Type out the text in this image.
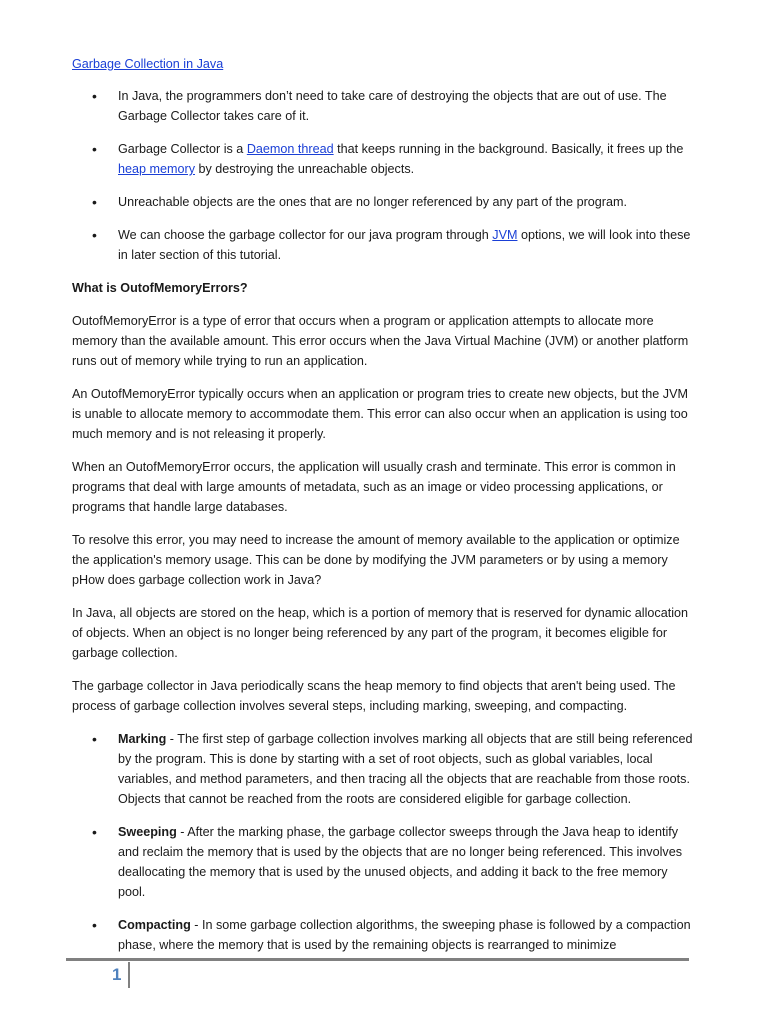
Garbage Collection in Java
• In Java, the programmers don’t need to take care of destroying the objects that are out of use. The Garbage Collector takes care of it.
• Garbage Collector is a Daemon thread that keeps running in the background. Basically, it frees up the heap memory by destroying the unreachable objects.
• Unreachable objects are the ones that are no longer referenced by any part of the program.
• We can choose the garbage collector for our java program through JVM options, we will look into these in later section of this tutorial.
What is OutofMemoryErrors?

OutofMemoryError is a type of error that occurs when a program or application attempts to allocate more memory than the available amount. This error occurs when the Java Virtual Machine (JVM) or another platform runs out of memory while trying to run an application.

An OutofMemoryError typically occurs when an application or program tries to create new objects, but the JVM is unable to allocate memory to accommodate them. This error can also occur when an application is using too much memory and is not releasing it properly.

When an OutofMemoryError occurs, the application will usually crash and terminate. This error is common in programs that deal with large amounts of metadata, such as an image or video processing applications, or programs that handle large databases.

To resolve this error, you may need to increase the amount of memory available to the application or optimize the application's memory usage. This can be done by modifying the JVM parameters or by using a memory pHow does garbage collection work in Java?

In Java, all objects are stored on the heap, which is a portion of memory that is reserved for dynamic allocation of objects. When an object is no longer being referenced by any part of the program, it becomes eligible for garbage collection.

The garbage collector in Java periodically scans the heap memory to find objects that aren't being used. The process of garbage collection involves several steps, including marking, sweeping, and compacting.

• Marking - The first step of garbage collection involves marking all objects that are still being referenced by the program. This is done by starting with a set of root objects, such as global variables, local variables, and method parameters, and then tracing all the objects that are reachable from those roots. Objects that cannot be reached from the roots are considered eligible for garbage collection.
• Sweeping - After the marking phase, the garbage collector sweeps through the Java heap to identify and reclaim the memory that is used by the objects that are no longer being referenced. This involves deallocating the memory that is used by the unused objects, and adding it back to the free memory pool.
• Compacting - In some garbage collection algorithms, the sweeping phase is followed by a compaction phase, where the memory that is used by the remaining objects is rearranged to minimize
1
